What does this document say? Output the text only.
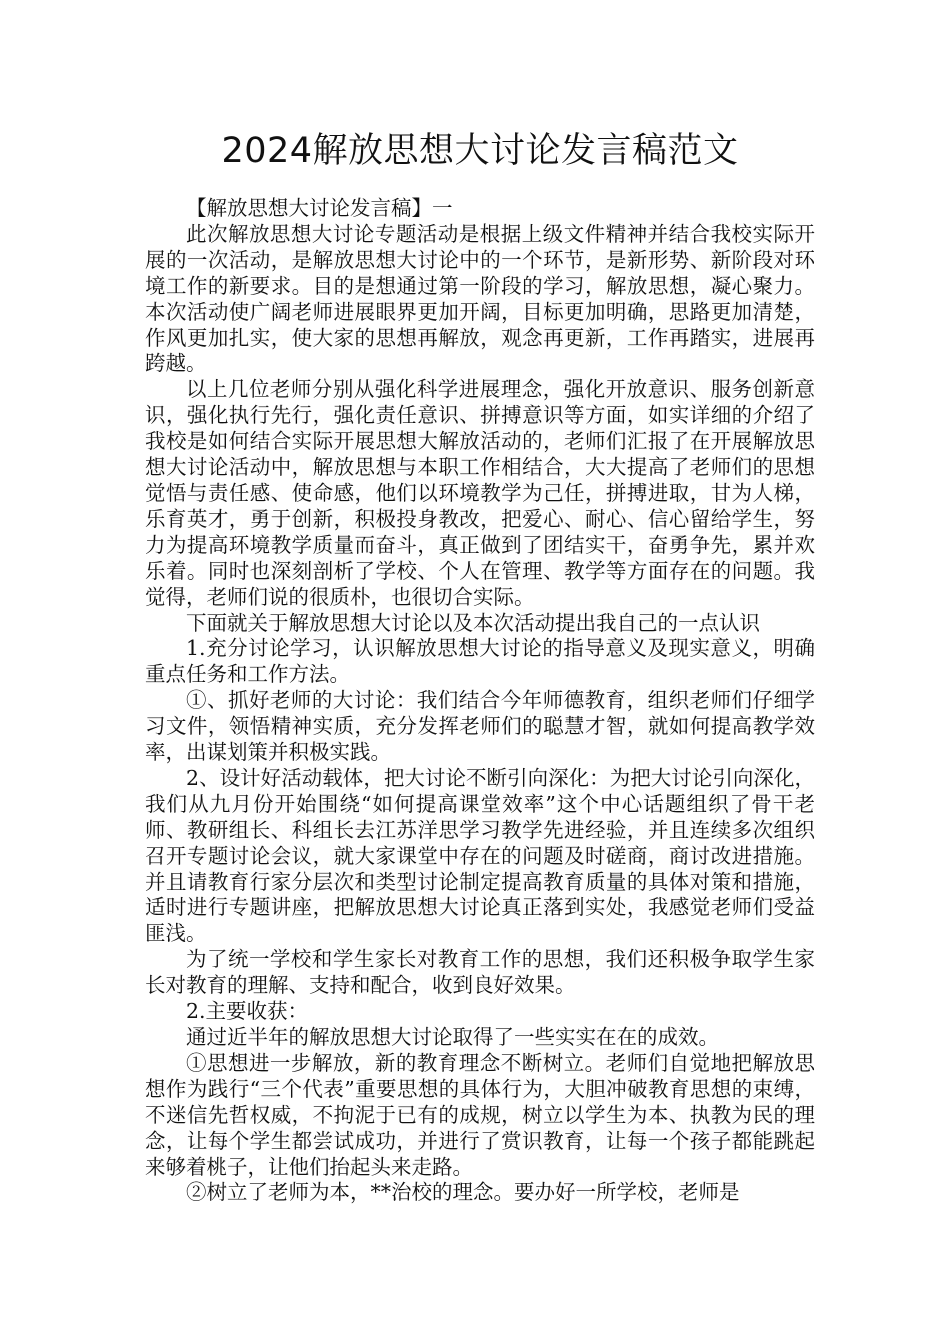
2024解放思想大讨论发言稿范文

【解放思想大讨论发言稿】一

此次解放思想大讨论专题活动是根据上级文件精神并结合我校实际开展的一次活动，是解放思想大讨论中的一个环节，是新形势、新阶段对环境工作的新要求。目的是想通过第一阶段的学习，解放思想，凝心聚力。本次活动使广阔老师进展眼界更加开阔，目标更加明确，思路更加清楚，作风更加扎实，使大家的思想再解放，观念再更新，工作再踏实，进展再跨越。

以上几位老师分别从强化科学进展理念，强化开放意识、服务创新意识，强化执行先行，强化责任意识、拼搏意识等方面，如实详细的介绍了我校是如何结合实际开展思想大解放活动的，老师们汇报了在开展解放思想大讨论活动中，解放思想与本职工作相结合，大大提高了老师们的思想觉悟与责任感、使命感，他们以环境教学为己任，拼搏进取，甘为人梯，乐育英才，勇于创新，积极投身教改，把爱心、耐心、信心留给学生，努力为提高环境教学质量而奋斗，真正做到了团结实干，奋勇争先，累并欢乐着。同时也深刻剖析了学校、个人在管理、教学等方面存在的问题。我觉得，老师们说的很质朴，也很切合实际。

下面就关于解放思想大讨论以及本次活动提出我自己的一点认识

1.充分讨论学习，认识解放思想大讨论的指导意义及现实意义，明确重点任务和工作方法。

①、抓好老师的大讨论：我们结合今年师德教育，组织老师们仔细学习文件，领悟精神实质，充分发挥老师们的聪慧才智，就如何提高教学效率，出谋划策并积极实践。

2、设计好活动载体，把大讨论不断引向深化：为把大讨论引向深化，我们从九月份开始围绕“如何提高课堂效率”这个中心话题组织了骨干老师、教研组长、科组长去江苏洋思学习教学先进经验，并且连续多次组织召开专题讨论会议，就大家课堂中存在的问题及时磋商，商讨改进措施。并且请教育行家分层次和类型讨论制定提高教育质量的具体对策和措施，适时进行专题讲座，把解放思想大讨论真正落到实处，我感觉老师们受益匪浅。

为了统一学校和学生家长对教育工作的思想，我们还积极争取学生家长对教育的理解、支持和配合，收到良好效果。

2.主要收获：

通过近半年的解放思想大讨论取得了一些实实在在的成效。

①思想进一步解放，新的教育理念不断树立。老师们自觉地把解放思想作为践行“三个代表”重要思想的具体行为，大胆冲破教育思想的束缚，不迷信先哲权威，不拘泥于已有的成规，树立以学生为本、执教为民的理念，让每个学生都尝试成功，并进行了赏识教育，让每一个孩子都能跳起来够着桃子，让他们抬起头来走路。

②树立了老师为本，**治校的理念。要办好一所学校，老师是
